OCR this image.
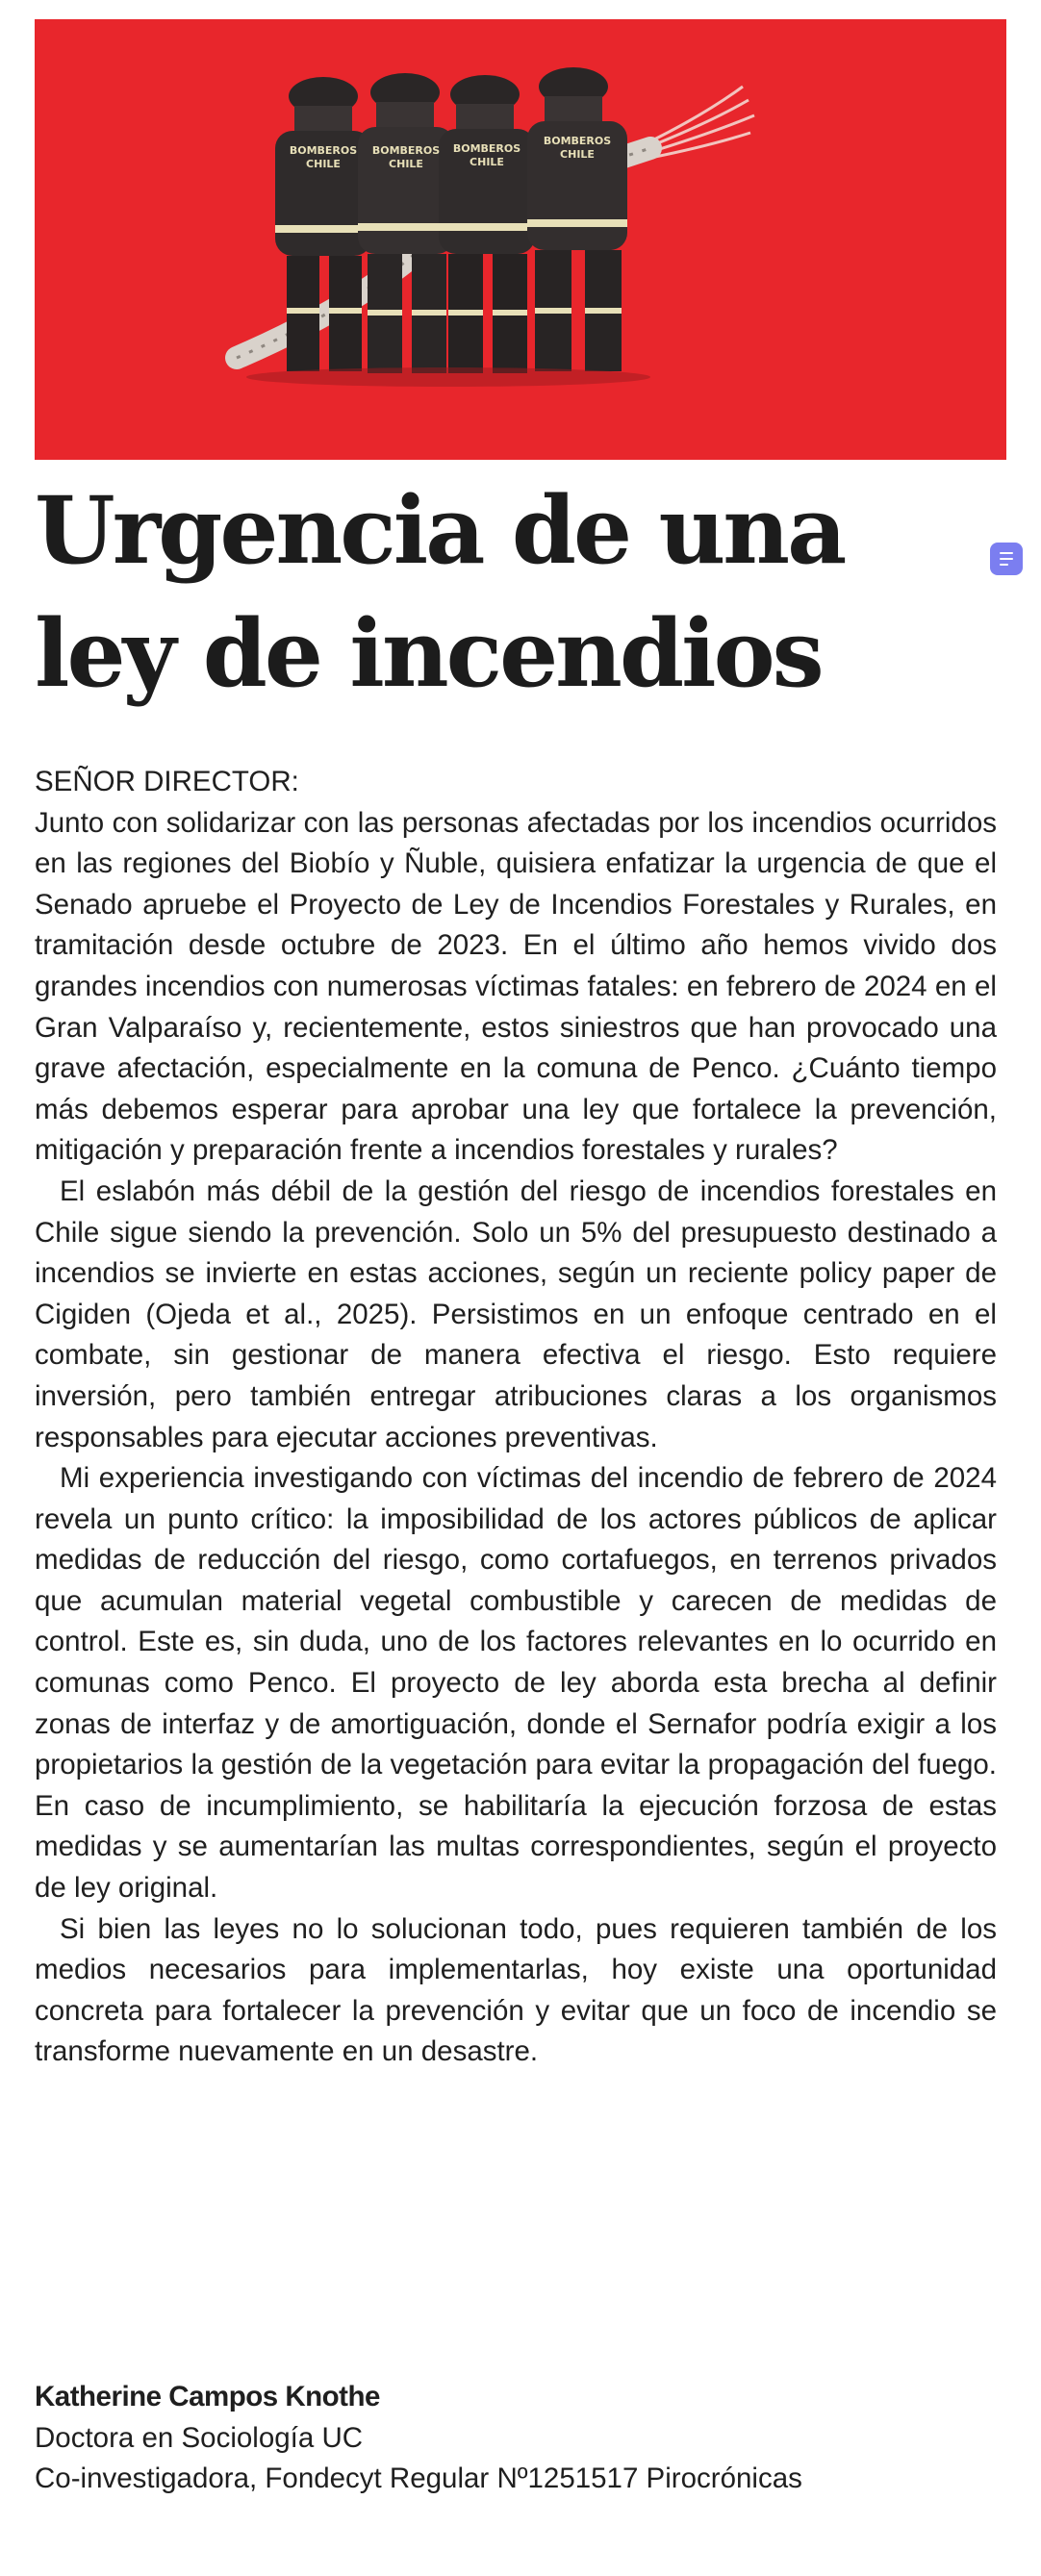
BOMBEROS
CHILE
BOMBEROS
CHILE
BOMBEROS
CHILE
BOMBEROS
CHILE
Urgencia de una
ley de incendios
SEÑOR DIRECTOR:

Junto con solidarizar con las personas afectadas por los incendios ocurridos en las regiones del Biobío y Ñuble, quisiera enfatizar la urgencia de que el Senado apruebe el Proyecto de Ley de Incendios Forestales y Rurales, en tramitación desde octubre de 2023. En el último año hemos vivido dos grandes incendios con numerosas víctimas fatales: en febrero de 2024 en el Gran Valparaíso y, recientemente, estos siniestros que han provocado una grave afectación, especialmente en la comuna de Penco. ¿Cuánto tiempo más debemos esperar para aprobar una ley que fortalece la prevención, mitigación y preparación frente a incendios forestales y rurales?

El eslabón más débil de la gestión del riesgo de incendios forestales en Chile sigue siendo la prevención. Solo un 5% del presupuesto destinado a incendios se invierte en estas acciones, según un reciente policy paper de Cigiden (Ojeda et al., 2025). Persistimos en un enfoque centrado en el combate, sin gestionar de manera efectiva el riesgo. Esto requiere inversión, pero también entregar atribuciones claras a los organismos responsables para ejecutar acciones preventivas.

Mi experiencia investigando con víctimas del incendio de febrero de 2024 revela un punto crítico: la imposibilidad de los actores públicos de aplicar medidas de reducción del riesgo, como cortafuegos, en terrenos privados que acumulan material vegetal combustible y carecen de medidas de control. Este es, sin duda, uno de los factores relevantes en lo ocurrido en comunas como Penco. El proyecto de ley aborda esta brecha al definir zonas de interfaz y de amortiguación, donde el Sernafor podría exigir a los propietarios la gestión de la vegetación para evitar la propagación del fuego. En caso de incumplimiento, se habilitaría la ejecución forzosa de estas medidas y se aumentarían las multas correspondientes, según el proyecto de ley original.

Si bien las leyes no lo solucionan todo, pues requieren también de los medios necesarios para implementarlas, hoy existe una oportunidad concreta para fortalecer la prevención y evitar que un foco de incendio se transforme nuevamente en un desastre.

Katherine Campos Knothe
Doctora en Sociología UC
Co-investigadora, Fondecyt Regular Nº1251517 Pirocrónicas
